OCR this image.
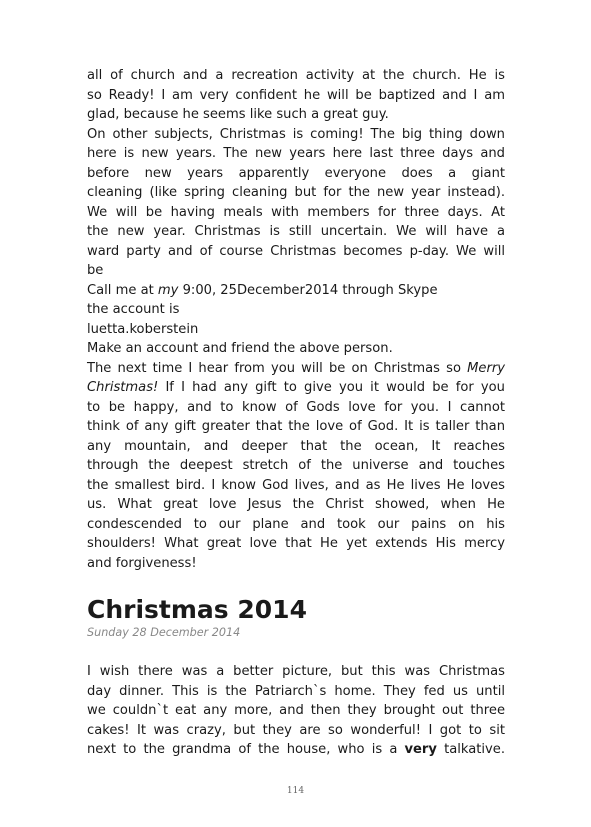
all of church and a recreation activity at the church. He is
so Ready! I am very confident he will be baptized and I am
glad, because he seems like such a great guy.

On other subjects, Christmas is coming! The big thing down
here is new years. The new years here last three days and
before new years apparently everyone does a giant
cleaning (like spring cleaning but for the new year instead).
We will be having meals with members for three days. At
the new year. Christmas is still uncertain. We will have a
ward party and of course Christmas becomes p-day. We will
be

Call me at my 9:00, 25December2014 through Skype
the account is
luetta.koberstein
Make an account and friend the above person.

The next time I hear from you will be on Christmas so Merry
Christmas! If I had any gift to give you it would be for you
to be happy, and to know of Gods love for you. I cannot
think of any gift greater that the love of God. It is taller than
any mountain, and deeper that the ocean, It reaches
through the deepest stretch of the universe and touches
the smallest bird. I know God lives, and as He lives He loves
us. What great love Jesus the Christ showed, when He
condescended to our plane and took our pains on his
shoulders! What great love that He yet extends His mercy
and forgiveness!

Christmas 2014
Sunday 28 December 2014

I wish there was a better picture, but this was Christmas
day dinner. This is the Patriarch`s home. They fed us until
we couldn`t eat any more, and then they brought out three
cakes! It was crazy, but they are so wonderful! I got to sit
next to the grandma of the house, who is a very talkative.

114
